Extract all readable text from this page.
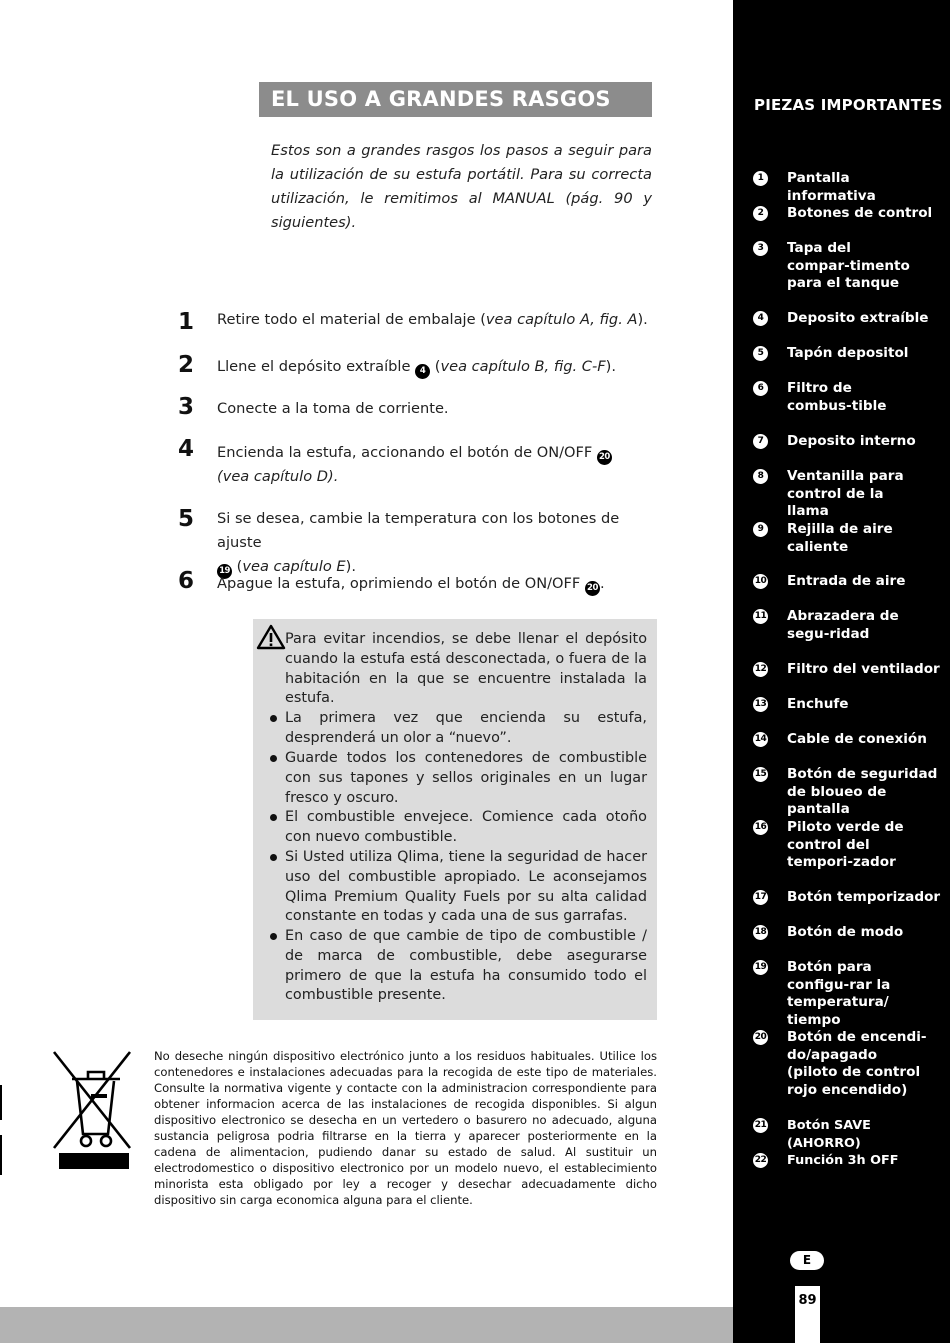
EL USO A GRANDES RASGOS

Estos son a grandes rasgos los pasos a seguir para la utilización de su estufa portátil. Para su correcta utilización, le remitimos al MANUAL (pág. 90 y siguientes).

1 Retire todo el material de embalaje (vea capítulo A, fig. A).
2 Llene el depósito extraíble 4 (vea capítulo B, fig. C-F).
3 Conecte a la toma de corriente.
4 Encienda la estufa, accionando el botón de ON/OFF 20
(vea capítulo D).
5 Si se desea, cambie la temperatura con los botones de ajuste
19 (vea capítulo E).
6 Apague la estufa, oprimiendo el botón de ON/OFF 20 .
Para evitar incendios, se debe llenar el depósito cuando la estufa está desconectada, o fuera de la habitación en la que se encuentre instalada la estufa.
La primera vez que encienda su estufa, desprenderá un olor a “nuevo”.
Guarde todos los contenedores de combustible con sus tapones y sellos originales en un lugar fresco y oscuro.
El combustible envejece. Comience cada otoño con nuevo combustible.
Si Usted utiliza Qlima, tiene la seguridad de hacer uso del combustible apropiado. Le aconsejamos Qlima Premium Quality Fuels por su alta calidad constante en todas y cada una de sus garrafas.
En caso de que cambie de tipo de combustible / de marca de combustible, debe asegurarse primero de que la estufa ha consumido todo el combustible presente.
No deseche ningún dispositivo electrónico junto a los residuos habituales. Utilice los contenedores e instalaciones adecuadas para la recogida de este tipo de materiales. Consulte la normativa vigente y contacte con la administracion correspondiente para obtener informacion acerca de las instalaciones de recogida disponibles. Si algun dispositivo electronico se desecha en un vertedero o basurero no adecuado, alguna sustancia peligrosa podria filtrarse en la tierra y aparecer posteriormente en la cadena de alimentacion, pudiendo danar su estado de salud. Al sustituir un electrodomestico o dispositivo electronico por un modelo nuevo, el establecimiento minorista esta obligado por ley a recoger y desechar adecuadamente dicho dispositivo sin carga economica alguna para el cliente.
PIEZAS IMPORTANTES
1	Pantalla informativa
2	Botones de control
3	Tapa del compar-timento para el tanque
4	Deposito extraíble
5	Tapón depositol
6	Filtro de combus-tible
7	Deposito interno
8	Ventanilla para control de la llama
9	Rejilla de aire caliente
10 Entrada de aire
11 Abrazadera de segu-ridad
12 Filtro del ventilador
13 Enchufe
14 Cable de conexión
15 Botón de seguridad de bloueo de pantalla
16 Piloto verde de control del tempori-zador
17 Botón temporizador
18 Botón de modo
19 Botón para configu-rar la temperatura/ tiempo
20 Botón de encendi-do/apagado (piloto de control rojo encendido)
21 Botón SAVE (AHORRO)
22 Función 3h OFF
E
89
